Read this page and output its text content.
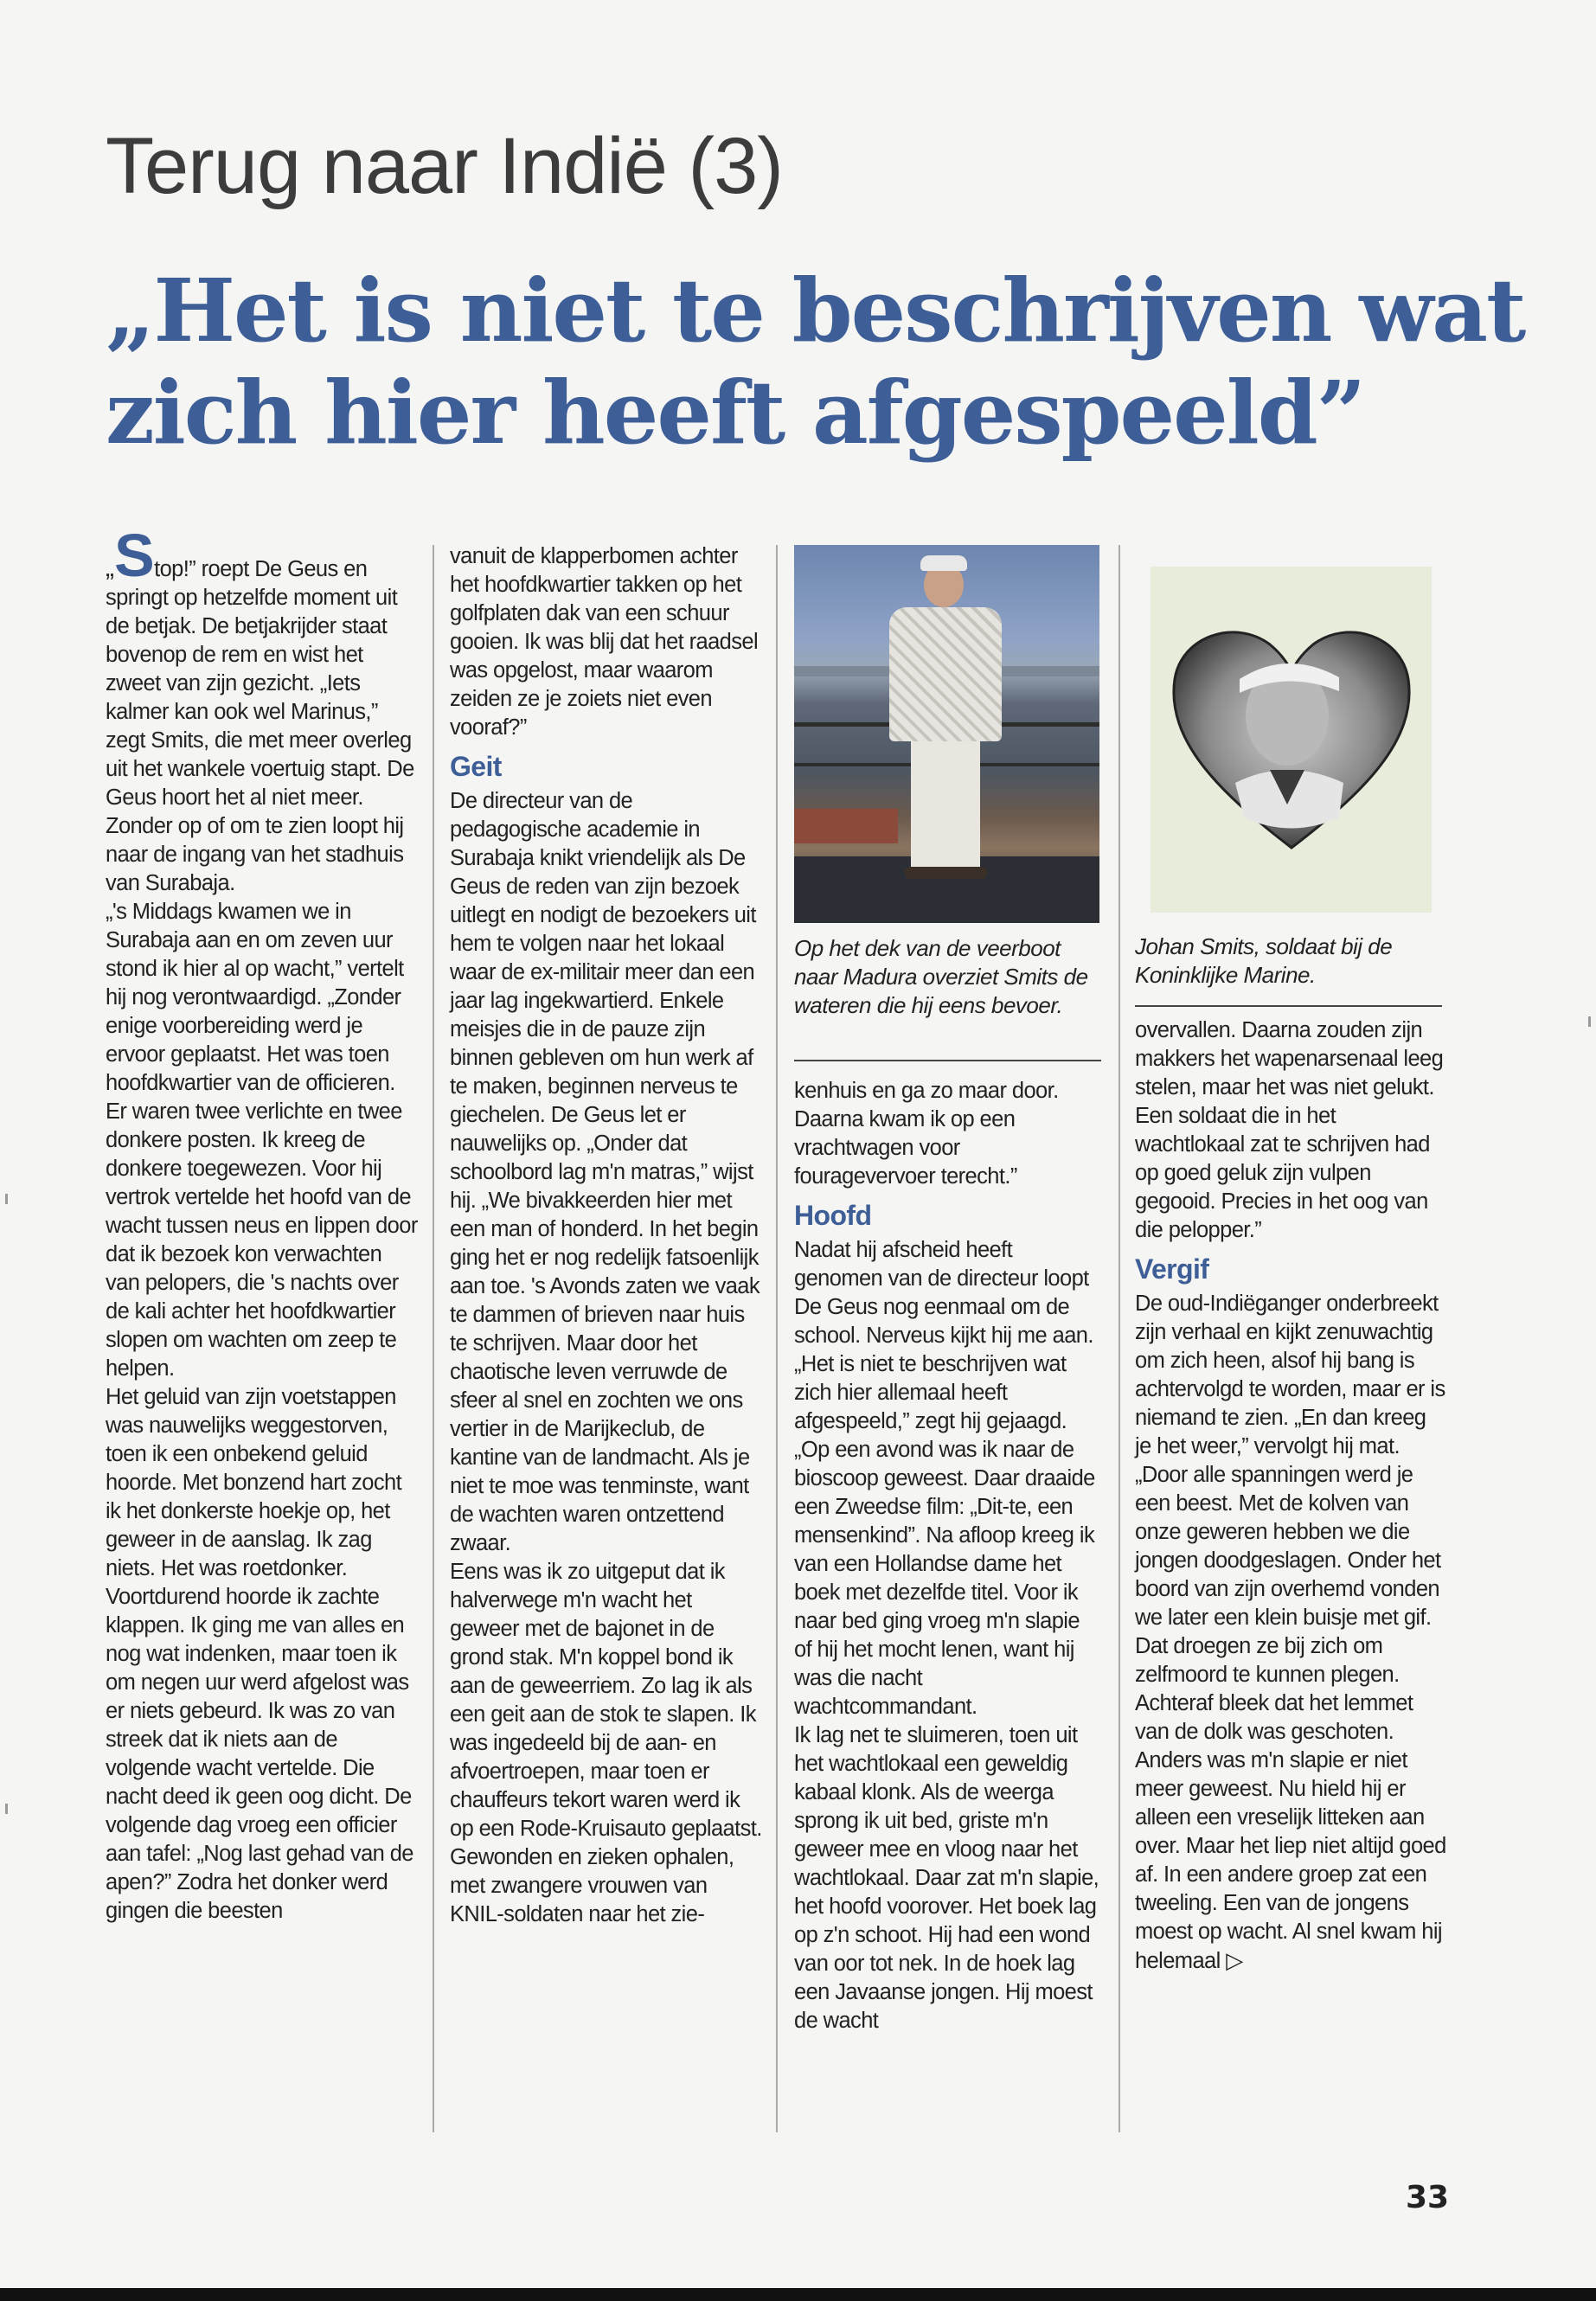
Terug naar Indië (3)
„Het is niet te beschrijven wat
zich hier heeft afgespeeld”

„Stop!” roept De Geus en springt op hetzelfde moment uit de betjak. De betjakrijder staat bovenop de rem en wist het zweet van zijn gezicht. „Iets kalmer kan ook wel Marinus,” zegt Smits, die met meer overleg uit het wankele voertuig stapt. De Geus hoort het al niet meer. Zonder op of om te zien loopt hij naar de ingang van het stadhuis van Surabaja.

„'s Middags kwamen we in Surabaja aan en om zeven uur stond ik hier al op wacht,” vertelt hij nog verontwaardigd. „Zonder enige voorbereiding werd je ervoor geplaatst. Het was toen hoofdkwartier van de officieren. Er waren twee verlichte en twee donkere posten. Ik kreeg de donkere toegewezen. Voor hij vertrok vertelde het hoofd van de wacht tussen neus en lippen door dat ik bezoek kon verwachten van pelopers, die 's nachts over de kali achter het hoofdkwartier slopen om wachten om zeep te helpen.

Het geluid van zijn voetstappen was nauwelijks weggestorven, toen ik een onbekend geluid hoorde. Met bonzend hart zocht ik het donkerste hoekje op, het geweer in de aanslag. Ik zag niets. Het was roetdonker. Voortdurend hoorde ik zachte klappen. Ik ging me van alles en nog wat indenken, maar toen ik om negen uur werd afgelost was er niets gebeurd. Ik was zo van streek dat ik niets aan de volgende wacht vertelde. Die nacht deed ik geen oog dicht. De volgende dag vroeg een officier aan tafel: „Nog last gehad van de apen?” Zodra het donker werd gingen die beesten

vanuit de klapperbomen achter het hoofdkwartier takken op het golfplaten dak van een schuur gooien. Ik was blij dat het raadsel was opgelost, maar waarom zeiden ze je zoiets niet even vooraf?”

Geit

De directeur van de pedagogische academie in Surabaja knikt vriendelijk als De Geus de reden van zijn bezoek uitlegt en nodigt de bezoekers uit hem te volgen naar het lokaal waar de ex-militair meer dan een jaar lag ingekwartierd. Enkele meisjes die in de pauze zijn binnen gebleven om hun werk af te maken, beginnen nerveus te giechelen. De Geus let er nauwelijks op. „Onder dat schoolbord lag m'n matras,” wijst hij. „We bivakkeerden hier met een man of honderd. In het begin ging het er nog redelijk fatsoenlijk aan toe. 's Avonds zaten we vaak te dammen of brieven naar huis te schrijven. Maar door het chaotische leven verruwde de sfeer al snel en zochten we ons vertier in de Marijkeclub, de kantine van de landmacht. Als je niet te moe was tenminste, want de wachten waren ontzettend zwaar.

Eens was ik zo uitgeput dat ik halverwege m'n wacht het geweer met de bajonet in de grond stak. M'n koppel bond ik aan de geweerriem. Zo lag ik als een geit aan de stok te slapen. Ik was ingedeeld bij de aan- en afvoertroepen, maar toen er chauffeurs tekort waren werd ik op een Rode-Kruisauto geplaatst. Gewonden en zieken ophalen, met zwangere vrouwen van KNIL-soldaten naar het zie-

Op het dek van de veerboot naar Madura overziet Smits de wateren die hij eens bevoer.

kenhuis en ga zo maar door. Daarna kwam ik op een vrachtwagen voor fouragevervoer terecht.”

Hoofd

Nadat hij afscheid heeft genomen van de directeur loopt De Geus nog eenmaal om de school. Nerveus kijkt hij me aan. „Het is niet te beschrijven wat zich hier allemaal heeft afgespeeld,” zegt hij gejaagd. „Op een avond was ik naar de bioscoop geweest. Daar draaide een Zweedse film: „Dit-te, een mensenkind”. Na afloop kreeg ik van een Hollandse dame het boek met dezelfde titel. Voor ik naar bed ging vroeg m'n slapie of hij het mocht lenen, want hij was die nacht wachtcommandant.

Ik lag net te sluimeren, toen uit het wachtlokaal een geweldig kabaal klonk. Als de weerga sprong ik uit bed, griste m'n geweer mee en vloog naar het wachtlokaal. Daar zat m'n slapie, het hoofd voorover. Het boek lag op z'n schoot. Hij had een wond van oor tot nek. In de hoek lag een Javaanse jongen. Hij moest de wacht

Johan Smits, soldaat bij de Koninklijke Marine.

overvallen. Daarna zouden zijn makkers het wapenarsenaal leeg stelen, maar het was niet gelukt. Een soldaat die in het wachtlokaal zat te schrijven had op goed geluk zijn vulpen gegooid. Precies in het oog van die pelopper.”

Vergif

De oud-Indiëganger onderbreekt zijn verhaal en kijkt zenuwachtig om zich heen, alsof hij bang is achtervolgd te worden, maar er is niemand te zien. „En dan kreeg je het weer,” vervolgt hij mat. „Door alle spanningen werd je een beest. Met de kolven van onze geweren hebben we die jongen doodgeslagen. Onder het boord van zijn overhemd vonden we later een klein buisje met gif. Dat droegen ze bij zich om zelfmoord te kunnen plegen.

Achteraf bleek dat het lemmet van de dolk was geschoten. Anders was m'n slapie er niet meer geweest. Nu hield hij er alleen een vreselijk litteken aan over. Maar het liep niet altijd goed af. In een andere groep zat een tweeling. Een van de jongens moest op wacht. Al snel kwam hij helemaal ▷

33
